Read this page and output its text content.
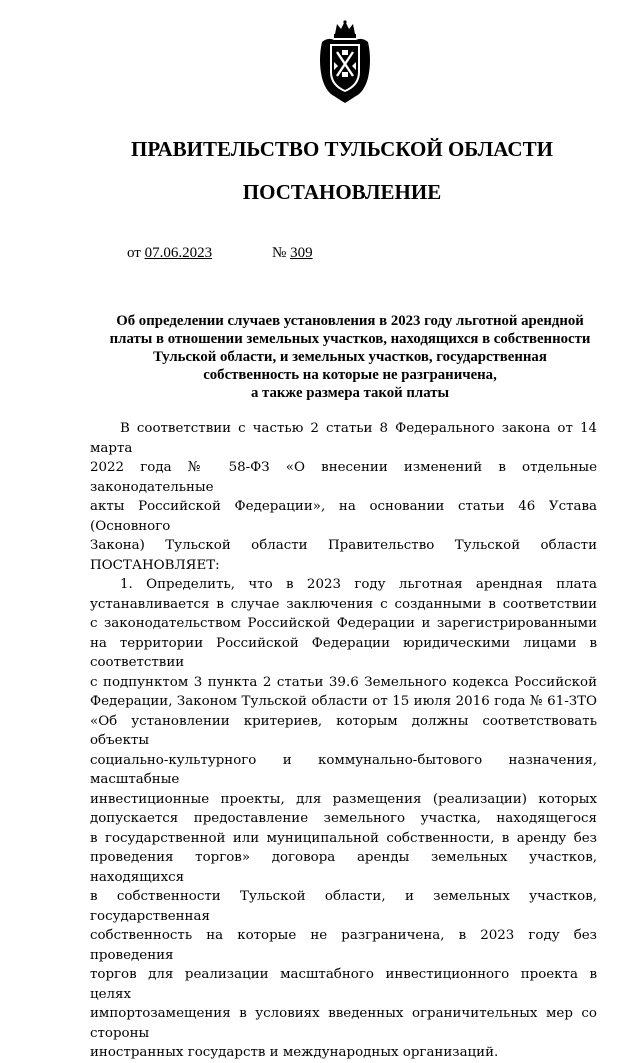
ПРАВИТЕЛЬСТВО ТУЛЬСКОЙ ОБЛАСТИ
ПОСТАНОВЛЕНИЕ
от 07.06.2023	№ 309
Об определении случаев установления в 2023 году льготной арендной
платы в отношении земельных участков, находящихся в собственности
Тульской области, и земельных участков, государственная
собственность на которые не разграничена,
а также размера такой платы
В соответствии с частью 2 статьи 8 Федерального закона от 14 марта
2022 года № 58-ФЗ «О внесении изменений в отдельные законодательные
акты Российской Федерации», на основании статьи 46 Устава (Основного
Закона) Тульской области Правительство Тульской области
ПОСТАНОВЛЯЕТ:
1. Определить, что в 2023 году льготная арендная плата
устанавливается в случае заключения с созданными в соответствии
с законодательством Российской Федерации и зарегистрированными
на территории Российской Федерации юридическими лицами в соответствии
с подпунктом 3 пункта 2 статьи 39.6 Земельного кодекса Российской
Федерации, Законом Тульской области от 15 июля 2016 года № 61-ЗТО
«Об установлении критериев, которым должны соответствовать объекты
социально-культурного и коммунально-бытового назначения, масштабные
инвестиционные проекты, для размещения (реализации) которых
допускается предоставление земельного участка, находящегося
в государственной или муниципальной собственности, в аренду без
проведения торгов» договора аренды земельных участков, находящихся
в собственности Тульской области, и земельных участков, государственная
собственность на которые не разграничена, в 2023 году без проведения
торгов для реализации масштабного инвестиционного проекта в целях
импортозамещения в условиях введенных ограничительных мер со стороны
иностранных государств и международных организаций.
